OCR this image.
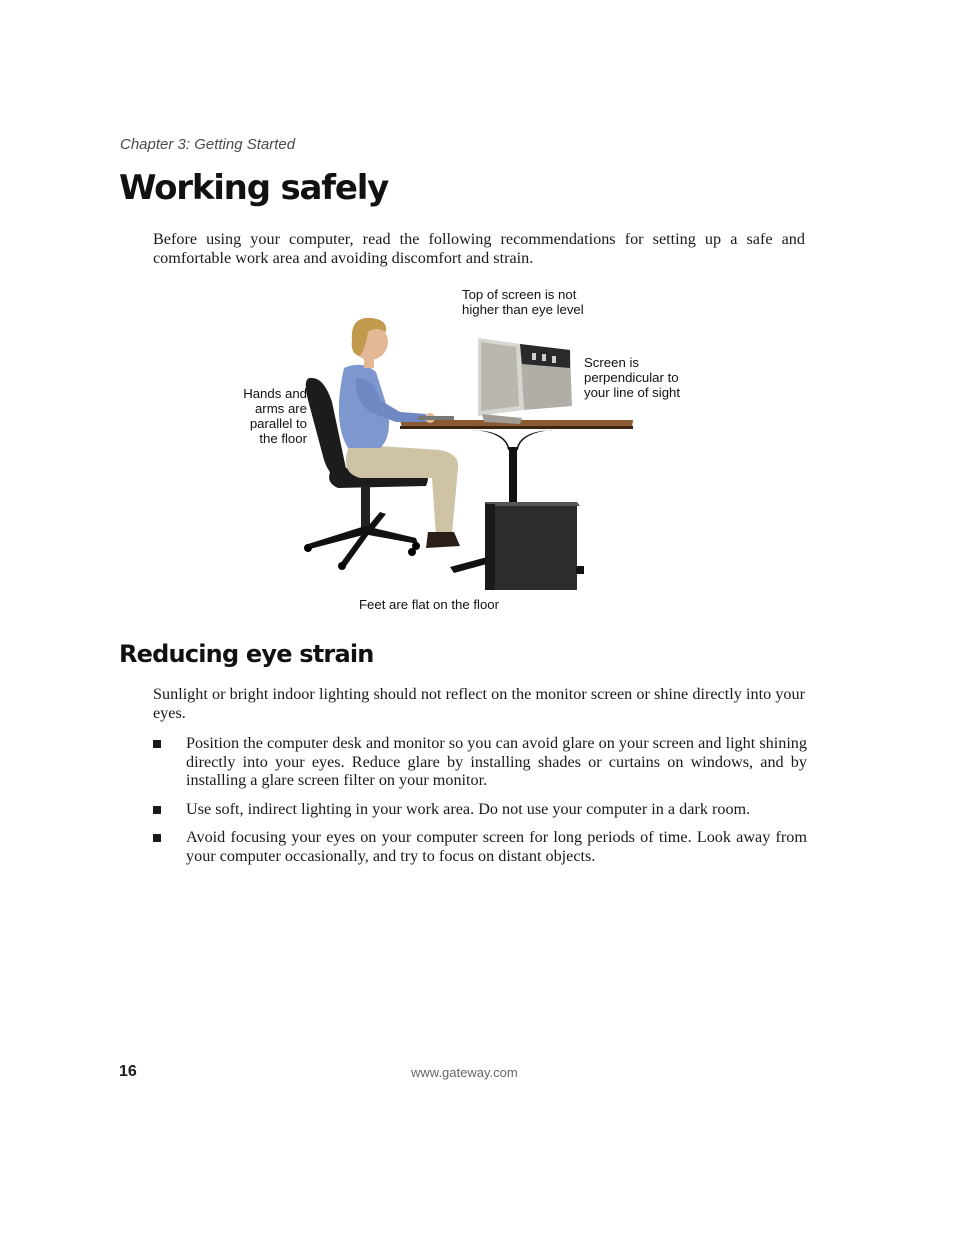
Chapter 3: Getting Started
Working safely

Before using your computer, read the following recommendations for setting up a safe and comfortable work area and avoiding discomfort and strain.

Top of screen is not
higher than eye level
Screen is
perpendicular to
your line of sight
Hands and
arms are
parallel to
the floor
Feet are flat on the floor
Reducing eye strain

Sunlight or bright indoor lighting should not reflect on the monitor screen or shine directly into your eyes.

Position the computer desk and monitor so you can avoid glare on your screen and light shining directly into your eyes. Reduce glare by installing shades or curtains on windows, and by installing a glare screen filter on your monitor.
Use soft, indirect lighting in your work area. Do not use your computer in a dark room.
Avoid focusing your eyes on your computer screen for long periods of time. Look away from your computer occasionally, and try to focus on distant objects.
16	www.gateway.com
